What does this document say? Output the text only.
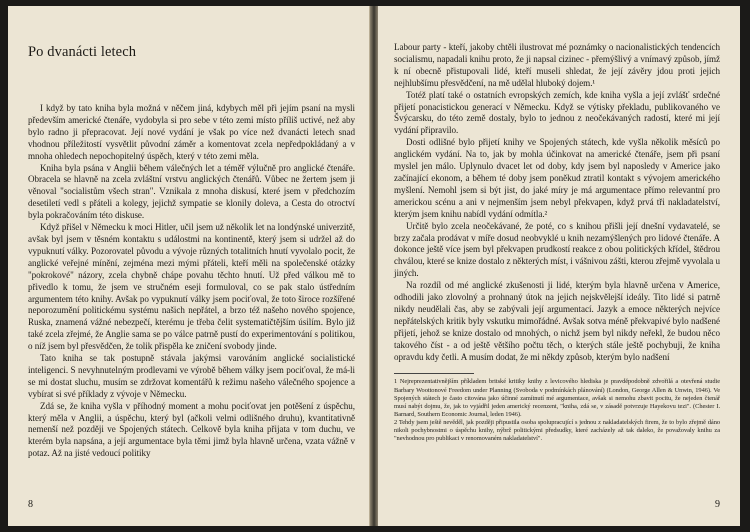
Po dvanácti letech

I když by tato kniha byla možná v něčem jiná, kdybych měl při jejím psaní na mysli především americké čtenáře, vydobyla si pro sebe v této zemi místo příliš uctivé, než aby bylo radno ji přepracovat. Její nové vydání je však po více než dvanácti letech snad vhodnou příležitostí vysvětlit původní záměr a komentovat zcela nepředpokládaný a v mnoha ohledech nepochopitelný úspěch, který v této zemi měla.

Kniha byla psána v Anglii během válečných let a téměř výlučně pro anglické čtenáře. Obracela se hlavně na zcela zvláštní vrstvu anglických čtenářů. Vůbec ne žertem jsem ji věnoval "socialistům všech stran". Vznikala z mnoha diskusí, které jsem v předchozím desetiletí vedl s přáteli a kolegy, jejichž sympatie se klonily doleva, a Cesta do otroctví byla pokračováním této diskuse.

Když přišel v Německu k moci Hitler, učil jsem už několik let na londýnské univerzitě, avšak byl jsem v těsném kontaktu s událostmi na kontinentě, který jsem si udržel až do vypuknutí války. Pozorovatel původu a vývoje různých totalitních hnutí vyvolalo pocit, že anglické veřejné mínění, zejména mezi mými přáteli, kteří měli na společenské otázky "pokrokové" názory, zcela chybně chápe povahu těchto hnutí. Už před válkou mě to přivedlo k tomu, že jsem ve stručném eseji formuloval, co se pak stalo ústředním argumentem této knihy. Avšak po vypuknutí války jsem pociťoval, že toto široce rozšířené neporozumění politickému systému našich nepřátel, a brzo též našeho nového spojence, Ruska, znamená vážné nebezpečí, kterému je třeba čelit systematičtějším úsilím. Bylo již také zcela zřejmé, že Anglie sama se po válce patrně pustí do experimentování s politikou, o níž jsem byl přesvědčen, že tolik přispěla ke zničení svobody jinde.

Tato kniha se tak postupně stávala jakýmsi varováním anglické socialistické inteligenci. S nevyhnutelným prodlevami ve výrobě během války jsem pociťoval, že má-li se mi dostat sluchu, musím se zdržovat komentářů k režimu našeho válečného spojence a vybírat si své příklady z vývoje v Německu.

Zdá se, že kniha vyšla v příhodný moment a mohu pociťovat jen potěšení z úspěchu, který měla v Anglii, a úspěchu, který byl (ačkoli velmi odlišného druhu), kvantitativně nemenší než později ve Spojených státech. Celkově byla kniha přijata v tom duchu, ve kterém byla napsána, a její argumentace byla těmi jimž byla hlavně určena, vzata vážně v potaz. Až na jisté vedoucí politiky

8

Labour party - kteří, jakoby chtěli ilustrovat mé poznámky o nacionalistických tendencích socialismu, napadali knihu proto, že ji napsal cizinec - přemýšlivý a vnímavý způsob, jímž k ní obecně přistupovali lidé, kteří museli shledat, že její závěry jdou proti jejich nejhlubšímu přesvědčení, na mě udělal hluboký dojem.¹

Totéž platí také o ostatních evropských zemích, kde kniha vyšla a její zvlášť srdečné přijetí ponacistickou generací v Německu. Když se výtisky překladu, publikovaného ve Švýcarsku, do této země dostaly, bylo to jednou z neočekávaných radostí, které mi její vydání připravilo.

Dosti odlišné bylo přijetí knihy ve Spojených státech, kde vyšla několik měsíců po anglickém vydání. Na to, jak by mohla účinkovat na americké čtenáře, jsem při psaní myslel jen málo. Uplynulo dvacet let od doby, kdy jsem byl naposledy v Americe jako začínající ekonom, a během té doby jsem poněkud ztratil kontakt s vývojem amerického myšlení. Nemohl jsem si být jist, do jaké míry je má argumentace přímo relevantní pro americkou scénu a ani v nejmenším jsem nebyl překvapen, když prvá tři nakladatelství, kterým jsem knihu nabídl vydání odmítla.²

Určitě bylo zcela neočekávané, že poté, co s knihou přišli její dnešní vydavatelé, se brzy začala prodávat v míře dosud neobvyklé u knih nezamýšlených pro lidové čtenáře. A dokonce ještě více jsem byl překvapen prudkostí reakce z obou politických křídel, štědrou chválou, které se knize dostalo z některých míst, i vášnivou zášti, kterou zřejmě vyvolala u jiných.

Na rozdíl od mé anglické zkušenosti ji lidé, kterým byla hlavně určena v Americe, odhodili jako zlovolný a prohnaný útok na jejich nejskvělejší ideály. Tito lidé si patrně nikdy neudělali čas, aby se zabývali její argumentací. Jazyk a emoce některých nejvíce nepřátelských kritik byly vskutku mimořádné. Avšak sotva méně překvapivé bylo nadšené přijetí, jehož se knize dostalo od mnohých, o nichž jsem byl nikdy neřekl, že budou něco takového číst - a od ještě většího počtu těch, o kterých stále ještě pochybuji, že kniha opravdu kdy četli. A musím dodat, že mi někdy způsob, kterým bylo nadšení

1 Nejreprezentativnějším příkladem britské kritiky knihy z levicového hlediska je pravděpodobně zdvořilá a otevřená studie Barbary Woottonové Freedom under Planning (Svoboda v podmínkách plánování) (London, George Allen & Unwin, 1946). Ve Spojených státech je často citována jako účinné zamítnutí mé argumentace, avšak si nemohu zbavit pocitu, že nejeden čtenář musí nabýt dojmu, že, jak to vyjádřil jeden americký recenzent, "kniha, zdá se, v zásadě potvrzuje Hayekovu tezi". (Chester I. Barnard, Southern Economic Journal, leden 1946).

2 Tehdy jsem ještě nevěděl, jak později připustila osoba spolupracující s jednou z nakladatelských firem, že to bylo zřejmě dáno nikoli pochybnostmi o úspěchu knihy, nýbrž politickými předsudky, které zacházely až tak daleko, že považovaly knihu za "nevhodnou pro publikaci v renomovaném nakladatelství".

9
